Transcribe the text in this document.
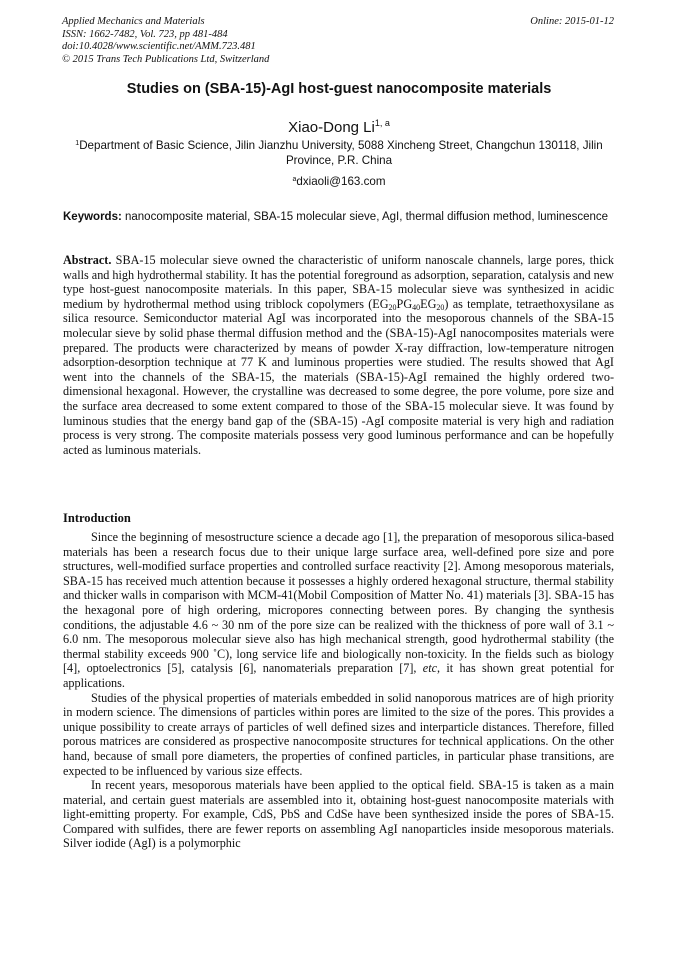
Applied Mechanics and Materials
ISSN: 1662-7482, Vol. 723, pp 481-484
doi:10.4028/www.scientific.net/AMM.723.481
© 2015 Trans Tech Publications Ltd, Switzerland
Online: 2015-01-12
Studies on (SBA-15)-AgI host-guest nanocomposite materials
Xiao-Dong Li$^{1, a}$
$^1$Department of Basic Science, Jilin Jianzhu University, 5088 Xincheng Street, Changchun 130118, Jilin Province, P.R. China
$^a$dxiaoli@163.com
Keywords: nanocomposite material, SBA-15 molecular sieve, AgI, thermal diffusion method, luminescence
Abstract. SBA-15 molecular sieve owned the characteristic of uniform nanoscale channels, large pores, thick walls and high hydrothermal stability. It has the potential foreground as adsorption, separation, catalysis and new type host-guest nanocomposite materials. In this paper, SBA-15 molecular sieve was synthesized in acidic medium by hydrothermal method using triblock copolymers $(EG_{20}PG_{40}EG_{20})$ as template, tetraethoxysilane as silica resource. Semiconductor material AgI was incorporated into the mesoporous channels of the SBA-15 molecular sieve by solid phase thermal diffusion method and the (SBA-15)-AgI nanocomposites materials were prepared. The products were characterized by means of powder X-ray diffraction, low-temperature nitrogen adsorption-desorption technique at 77 K and luminous properties were studied. The results showed that AgI went into the channels of the SBA-15, the materials (SBA-15)-AgI remained the highly ordered two-dimensional hexagonal. However, the crystalline was decreased to some degree, the pore volume, pore size and the surface area decreased to some extent compared to those of the SBA-15 molecular sieve. It was found by luminous studies that the energy band gap of the (SBA-15) -AgI composite material is very high and radiation process is very strong. The composite materials possess very good luminous performance and can be hopefully acted as luminous materials.
Introduction

Since the beginning of mesostructure science a decade ago [1], the preparation of mesoporous silica-based materials has been a research focus due to their unique large surface area, well-defined pore size and pore structures, well-modified surface properties and controlled surface reactivity [2]. Among mesoporous materials, SBA-15 has received much attention because it possesses a highly ordered hexagonal structure, thermal stability and thicker walls in comparison with MCM-41(Mobil Composition of Matter No. 41) materials [3]. SBA-15 has the hexagonal pore of high ordering, micropores connecting between pores. By changing the synthesis conditions, the adjustable 4.6 ~ 30 nm of the pore size can be realized with the thickness of pore wall of 3.1 ~ 6.0 nm. The mesoporous molecular sieve also has high mechanical strength, good hydrothermal stability (the thermal stability exceeds 900 ˚C), long service life and biologically non-toxicity. In the fields such as biology [4], optoelectronics [5], catalysis [6], nanomaterials preparation [7], etc, it has shown great potential for applications.

Studies of the physical properties of materials embedded in solid nanoporous matrices are of high priority in modern science. The dimensions of particles within pores are limited to the size of the pores. This provides a unique possibility to create arrays of particles of well defined sizes and interparticle distances. Therefore, filled porous matrices are considered as prospective nanocomposite structures for technical applications. On the other hand, because of small pore diameters, the properties of confined particles, in particular phase transitions, are expected to be influenced by various size effects.

In recent years, mesoporous materials have been applied to the optical field. SBA-15 is taken as a main material, and certain guest materials are assembled into it, obtaining host-guest nanocomposite materials with light-emitting property. For example, CdS, PbS and CdSe have been synthesized inside the pores of SBA-15. Compared with sulfides, there are fewer reports on assembling AgI nanoparticles inside mesoporous materials. Silver iodide (AgI) is a polymorphic
